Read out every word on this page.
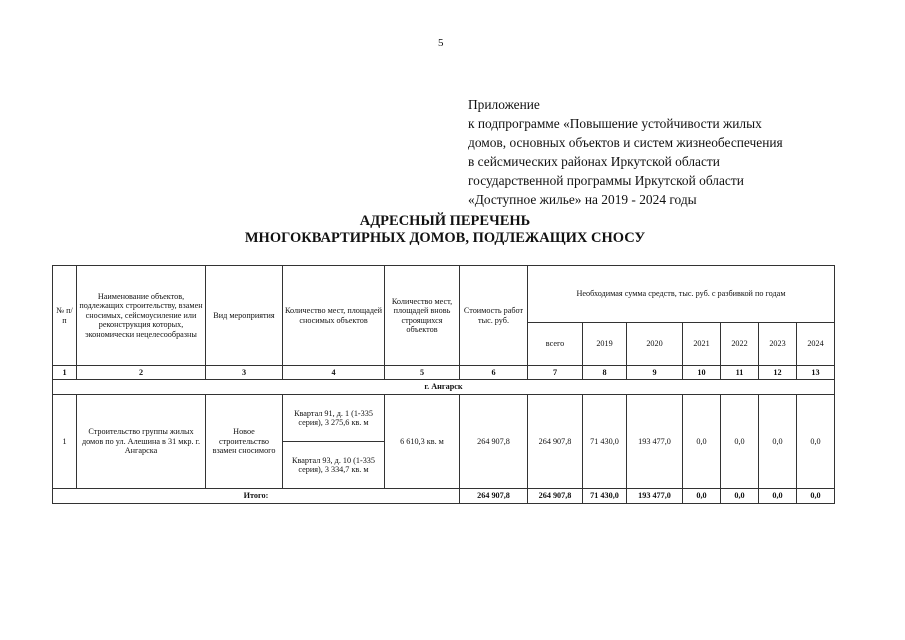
5
Приложение
к подпрограмме «Повышение устойчивости жилых
домов, основных объектов и систем жизнеобеспечения
в сейсмических районах Иркутской области
государственной программы Иркутской области
«Доступное жилье» на 2019 - 2024 годы
АДРЕСНЫЙ ПЕРЕЧЕНЬ
МНОГОКВАРТИРНЫХ ДОМОВ, ПОДЛЕЖАЩИХ СНОСУ
№ п/п	Наименование объектов, подлежащих строительству, взамен сносимых, сейсмоусиление или реконструкция которых, экономически нецелесообразны	Вид мероприятия	Количество мест, площадей сносимых объектов	Количество мест, площадей вновь строящихся объектов	Стоимость работ тыс. руб.	Необходимая сумма средств, тыс. руб. с разбивкой по годам						
						всего	2019	2020	2021	2022	2023	2024
1	2	3	4	5	6	7	8	9	10	11	12	13
г. Ангарск												
1	Строительство группы жилых домов по ул. Алешина в 31 мкр. г. Ангарска	Новое строительство взамен сносимого	Квартал 91, д. 1 (1-335 серия), 3 275,6 кв. м	6 610,3 кв. м	264 907,8	264 907,8	71 430,0	193 477,0	0,0	0,0	0,0	0,0
			Квартал 93, д. 10 (1-335 серия), 3 334,7 кв. м									
Итого:					264 907,8	264 907,8	71 430,0	193 477,0	0,0	0,0	0,0	0,0
